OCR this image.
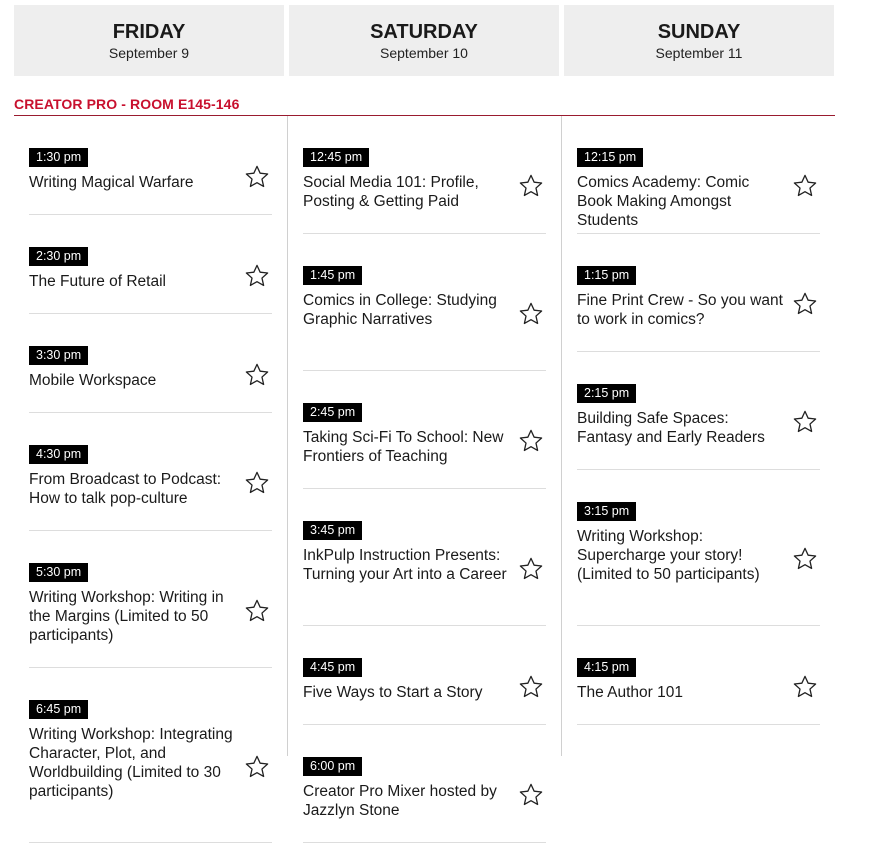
FRIDAY
September 9
SATURDAY
September 10
SUNDAY
September 11
CREATOR PRO - ROOM E145-146
1:30 pm
Writing Magical Warfare
2:30 pm
The Future of Retail
3:30 pm
Mobile Workspace
4:30 pm
From Broadcast to Podcast: How to talk pop-culture
5:30 pm
Writing Workshop: Writing in the Margins (Limited to 50 participants)
6:45 pm
Writing Workshop: Integrating Character, Plot, and Worldbuilding (Limited to 30 participants)
12:45 pm
Social Media 101: Profile, Posting & Getting Paid
1:45 pm
Comics in College: Studying Graphic Narratives
2:45 pm
Taking Sci-Fi To School: New Frontiers of Teaching
3:45 pm
InkPulp Instruction Presents: Turning your Art into a Career
4:45 pm
Five Ways to Start a Story
6:00 pm
Creator Pro Mixer hosted by Jazzlyn Stone
12:15 pm
Comics Academy: Comic Book Making Amongst Students
1:15 pm
Fine Print Crew - So you want to work in comics?
2:15 pm
Building Safe Spaces: Fantasy and Early Readers
3:15 pm
Writing Workshop: Supercharge your story! (Limited to 50 participants)
4:15 pm
The Author 101
